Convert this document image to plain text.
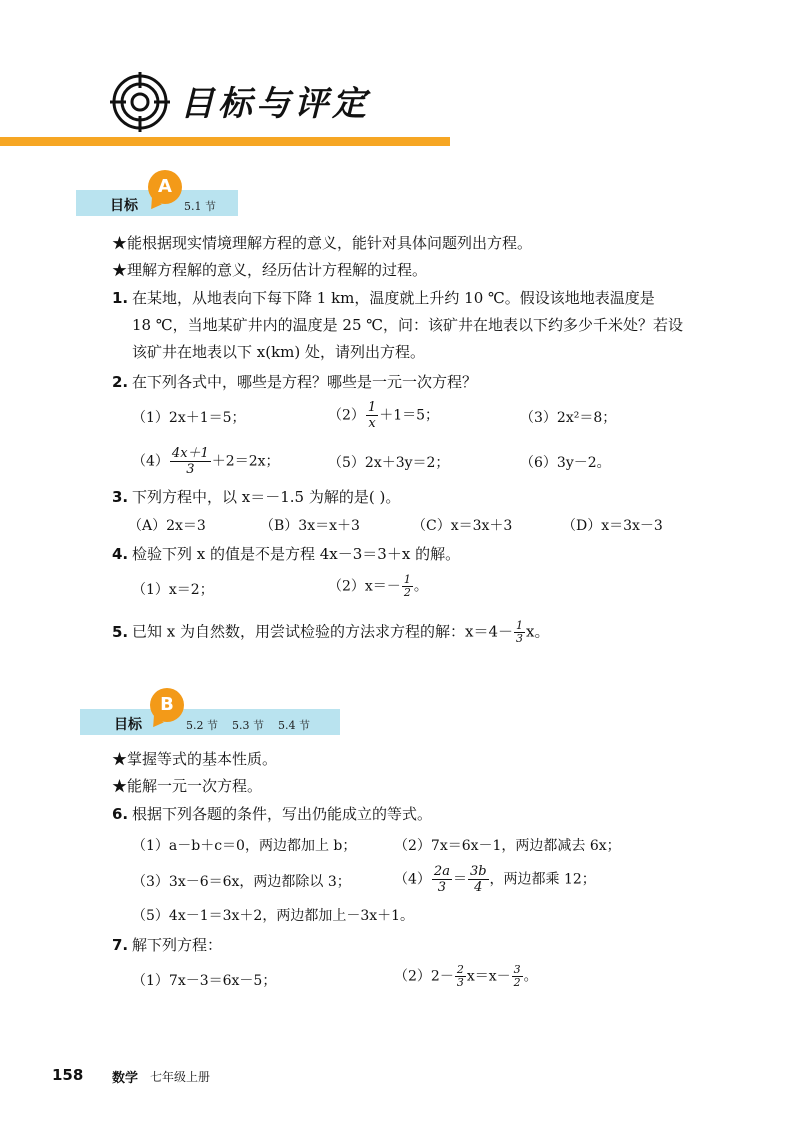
目标与评定
目标	5.1 节
A
★能根据现实情境理解方程的意义，能针对具体问题列出方程。
★理解方程解的意义，经历估计方程解的过程。
1. 在某地，从地表向下每下降 1 km，温度就上升约 10 ℃。假设该地地表温度是
18 ℃，当地某矿井内的温度是 25 ℃，问：该矿井在地表以下约多少千米处？若设
该矿井在地表以下 x(km) 处，请列出方程。
2. 在下列各式中，哪些是方程？哪些是一元一次方程？
（1）2x＋1＝5；	$(2) \frac{1}{x} +1=5$；	（3）2x²＝8；
$(4) \frac{4x+1}{3} +2=2x$；	（5）2x＋3y＝2；	（6）3y－2。
3. 下列方程中，以 x＝－1.5 为解的是( )。
（A）2x＝3	（B）3x＝x＋3	（C）x＝3x＋3	（D）x＝3x－3
4. 检验下列 x 的值是不是方程 4x－3＝3＋x 的解。
（1）x＝2；	$(2)x=- \frac{1}{2}$ 。
5. 已知 x 为自然数，用尝试检验的方法求方程的解：$x=4- \frac{1}{3}$ x。
目标	5.2 节    5.3 节    5.4 节
B
★掌握等式的基本性质。
★能解一元一次方程。
6. 根据下列各题的条件，写出仍能成立的等式。
（1）a－b＋c＝0，两边都加上 b；	（2）7x＝6x－1，两边都减去 6x；
（3）3x－6＝6x，两边都除以 3；	$(4) \frac{2a}{3} = \frac{3b}{4}$ ，两边都乘 12；
（5）4x－1＝3x＋2，两边都加上－3x＋1。
7. 解下列方程：
（1）7x－3＝6x－5；	$(2)2- \frac{2}{3} x=x- \frac{3}{2}$ 。
158 数学 七年级上册
